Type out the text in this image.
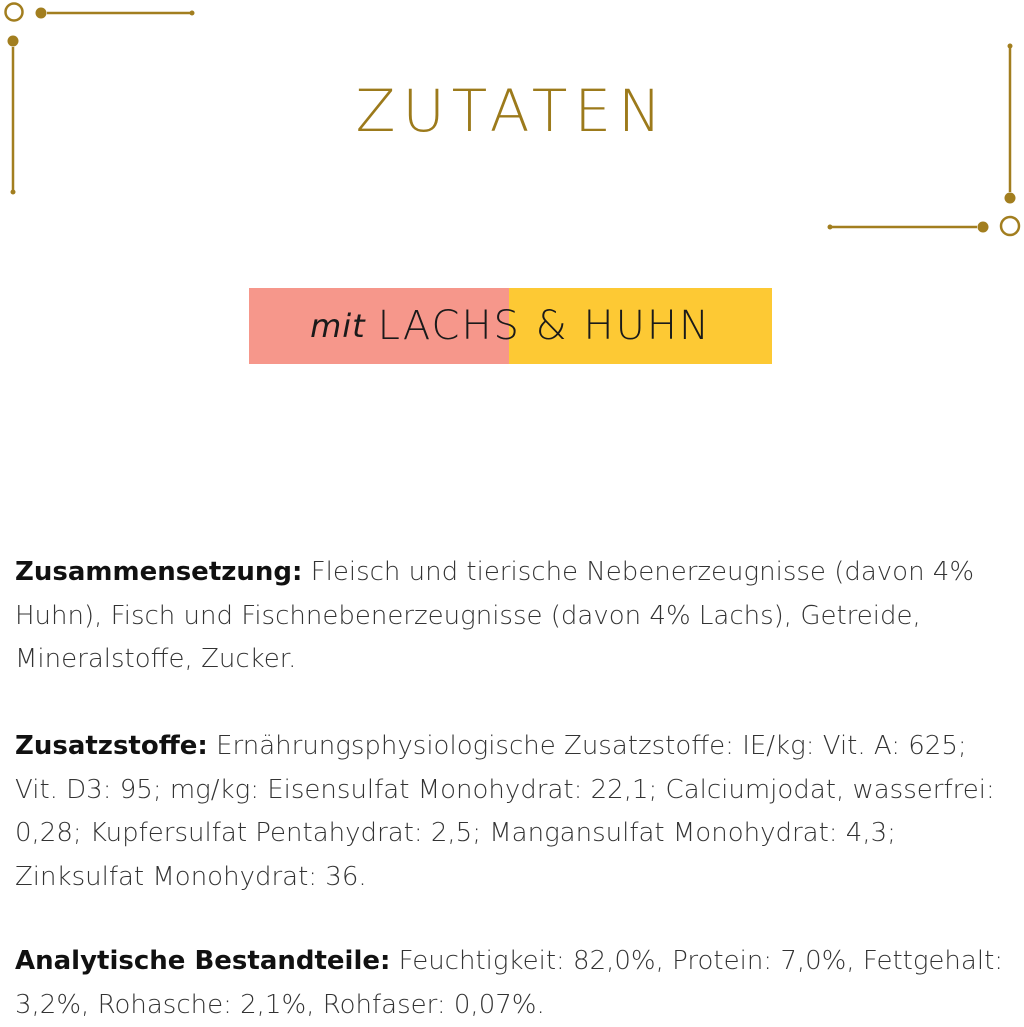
ZUTATEN
mit LACHS & HUHN
Zusammensetzung: Fleisch und tierische Nebenerzeugnisse (davon 4% Huhn), Fisch und Fischnebenerzeugnisse (davon 4% Lachs), Getreide, Mineralstoffe, Zucker.
Zusatzstoffe: Ernährungsphysiologische Zusatzstoffe: IE/kg: Vit. A: 625; Vit. D3: 95; mg/kg: Eisensulfat Monohydrat: 22,1; Calciumjodat, wasserfrei: 0,28; Kupfersulfat Pentahydrat: 2,5; Mangansulfat Monohydrat: 4,3; Zinksulfat Monohydrat: 36.
Analytische Bestandteile: Feuchtigkeit: 82,0%, Protein: 7,0%, Fettgehalt: 3,2%, Rohasche: 2,1%, Rohfaser: 0,07%.
